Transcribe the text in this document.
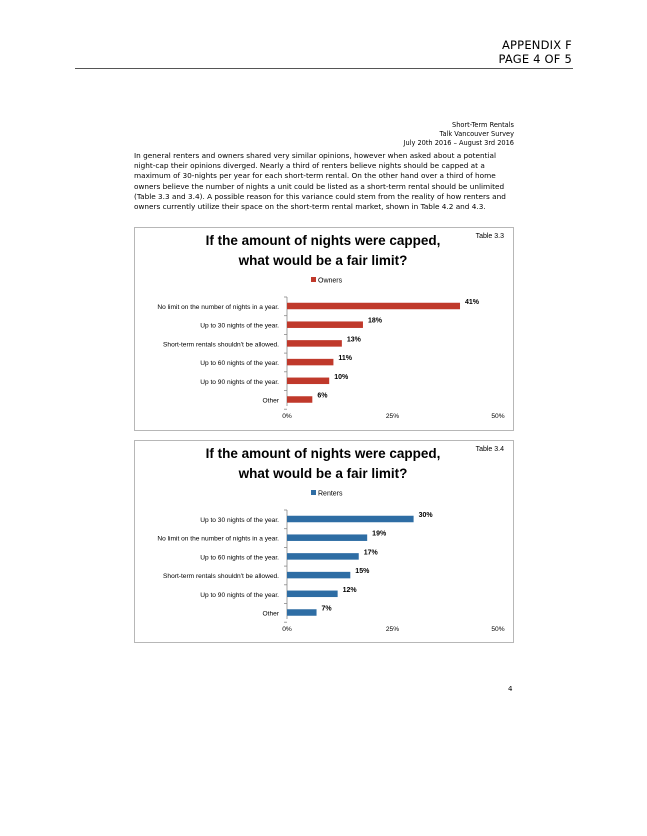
APPENDIX F
PAGE 4 OF 5
Short-Term Rentals
Talk Vancouver Survey
July 20th 2016 – August 3rd 2016

In general renters and owners shared very similar opinions, however when asked about a potential night-cap their opinions diverged. Nearly a third of renters believe nights should be capped at a maximum of 30-nights per year for each short-term rental. On the other hand over a third of home owners believe the number of nights a unit could be listed as a short-term rental should be unlimited (Table 3.3 and 3.4). A possible reason for this variance could stem from the reality of how renters and owners currently utilize their space on the short-term rental market, shown in Table 4.2 and 4.3.

Table 3.3
If the amount of nights were capped,
what would be a fair limit?
Owners
No limit on the number of nights in a year.
41%
Up to 30 nights of the year.
18%
Short-term rentals shouldn't be allowed.
13%
Up to 60 nights of the year.
11%
Up to 90 nights of the year.
10%
Other
6%
0%	25%	50%
Table 3.4
If the amount of nights were capped,
what would be a fair limit?
Renters
Up to 30 nights of the year.
30%
No limit on the number of nights in a year.
19%
Up to 60 nights of the year.
17%
Short-term rentals shouldn't be allowed.
15%
Up to 90 nights of the year.
12%
Other
7%
0%	25%	50%
4
